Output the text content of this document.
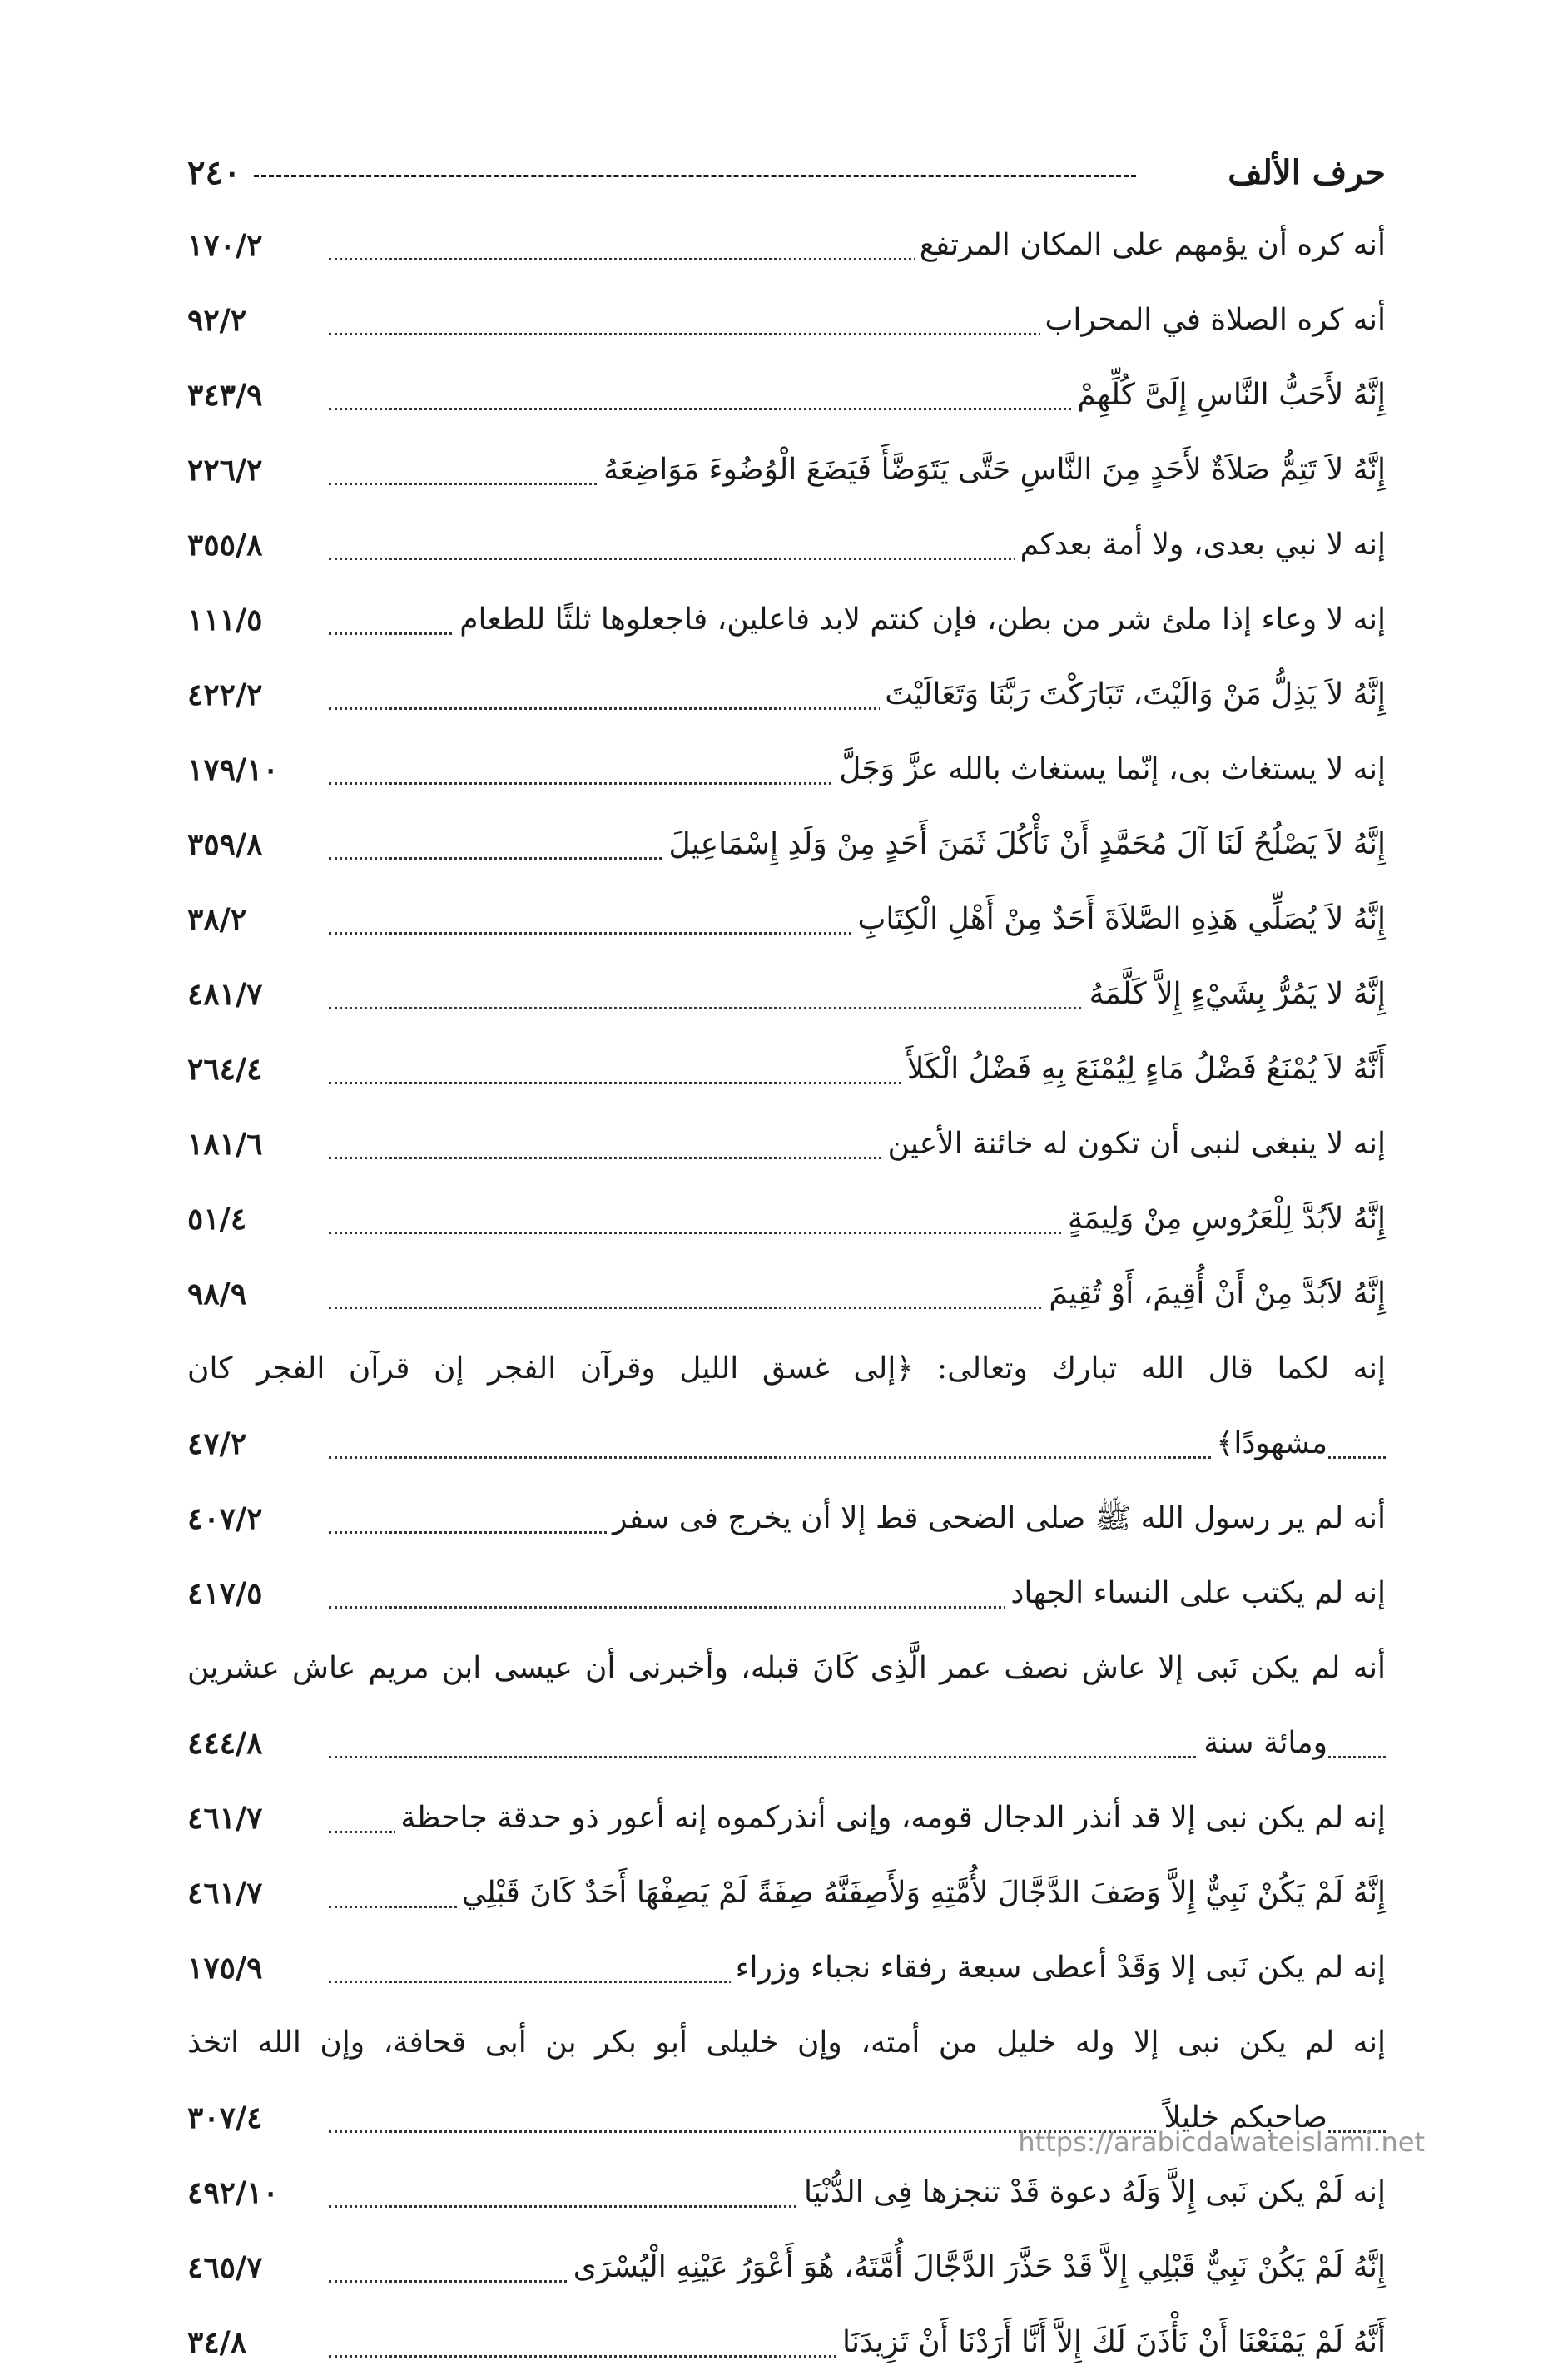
حرف الألف
٢٤٠
أنه كره أن يؤمهم على المكان المرتفع
١٧٠/٢
أنه كره الصلاة في المحراب
٩٢/٢
إِنَّهُ لأَحَبُّ النَّاسِ إِلَىَّ كُلِّهِمْ
٣٤٣/٩
إِنَّهُ لاَ تَتِمُّ صَلاَةٌ لأَحَدٍ مِنَ النَّاسِ حَتَّى يَتَوَضَّأَ فَيَضَعَ الْوُضُوءَ مَوَاضِعَهُ
٢٢٦/٢
إنه لا نبي بعدى، ولا أمة بعدكم
٣٥٥/٨
إنه لا وعاء إذا ملئ شر من بطن، فإن كنتم لابد فاعلين، فاجعلوها ثلثًا للطعام
١١١/٥
إِنَّهُ لاَ يَذِلُّ مَنْ وَالَيْتَ، تَبَارَكْتَ رَبَّنَا وَتَعَالَيْتَ
٤٢٢/٢
إنه لا يستغاث بى، إنّما يستغاث بالله عزَّ وَجَلَّ
١٧٩/١٠
إِنَّهُ لاَ يَصْلُحُ لَنَا آلَ مُحَمَّدٍ أَنْ نَأْكُلَ ثَمَنَ أَحَدٍ مِنْ وَلَدِ إِسْمَاعِيلَ
٣٥٩/٨
إِنَّهُ لاَ يُصَلِّي هَذِهِ الصَّلاَةَ أَحَدٌ مِنْ أَهْلِ الْكِتَابِ
٣٨/٢
إِنَّهُ لا يَمُرُّ بِشَيْءٍ إِلاَّ كَلَّمَهُ
٤٨١/٧
أَنَّهُ لاَ يُمْنَعُ فَضْلُ مَاءٍ لِيُمْنَعَ بِهِ فَضْلُ الْكَلأَ
٢٦٤/٤
إنه لا ينبغى لنبى أن تكون له خائنة الأعين
١٨١/٦
إِنَّهُ لاَبُدَّ لِلْعَرُوسِ مِنْ وَلِيمَةٍ
٥١/٤
إِنَّهُ لاَبُدَّ مِنْ أَنْ أُقِيمَ، أَوْ تُقِيمَ
٩٨/٩
إنه لكما قال الله تبارك وتعالى: ﴿إلى غسق الليل وقرآن الفجر إن قرآن الفجر كان
مشهودًا﴾
٤٧/٢
أنه لم ير رسول الله ﷺ صلى الضحى قط إلا أن يخرج فى سفر
٤٠٧/٢
إنه لم يكتب على النساء الجهاد
٤١٧/٥
أنه لم يكن نَبى إلا عاش نصف عمر الَّذِى كَانَ قبله، وأخبرنى أن عيسى ابن مريم عاش عشرين
ومائة سنة
٤٤٤/٨
إنه لم يكن نبى إلا قد أنذر الدجال قومه، وإنى أنذركموه إنه أعور ذو حدقة جاحظة
٤٦١/٧
إِنَّهُ لَمْ يَكُنْ نَبِيٌّ إِلاَّ وَصَفَ الدَّجَّالَ لأُمَّتِهِ وَلأَصِفَنَّهُ صِفَةً لَمْ يَصِفْهَا أَحَدٌ كَانَ قَبْلِي
٤٦١/٧
إنه لم يكن نَبى إلا وَقَدْ أعطى سبعة رفقاء نجباء وزراء
١٧٥/٩
إنه لم يكن نبى إلا وله خليل من أمته، وإن خليلى أبو بكر بن أبى قحافة، وإن الله اتخذ
صاحبكم خليلاً
٣٠٧/٤
إنه لَمْ يكن نَبى إِلاَّ وَلَهُ دعوة قَدْ تنجزها فِى الدُّنْيَا
٤٩٢/١٠
إِنَّهُ لَمْ يَكُنْ نَبِيٌّ قَبْلِي إِلاَّ قَدْ حَذَّرَ الدَّجَّالَ أُمَّتَهُ، هُوَ أَعْوَرُ عَيْنِهِ الْيُسْرَى
٤٦٥/٧
أَنَّهُ لَمْ يَمْنَعْنَا أَنْ نَأْذَنَ لَكَ إِلاَّ أَنَّا أَرَدْنَا أَنْ تَزِيدَنَا
٣٤/٨
https://arabicdawateislami.net
